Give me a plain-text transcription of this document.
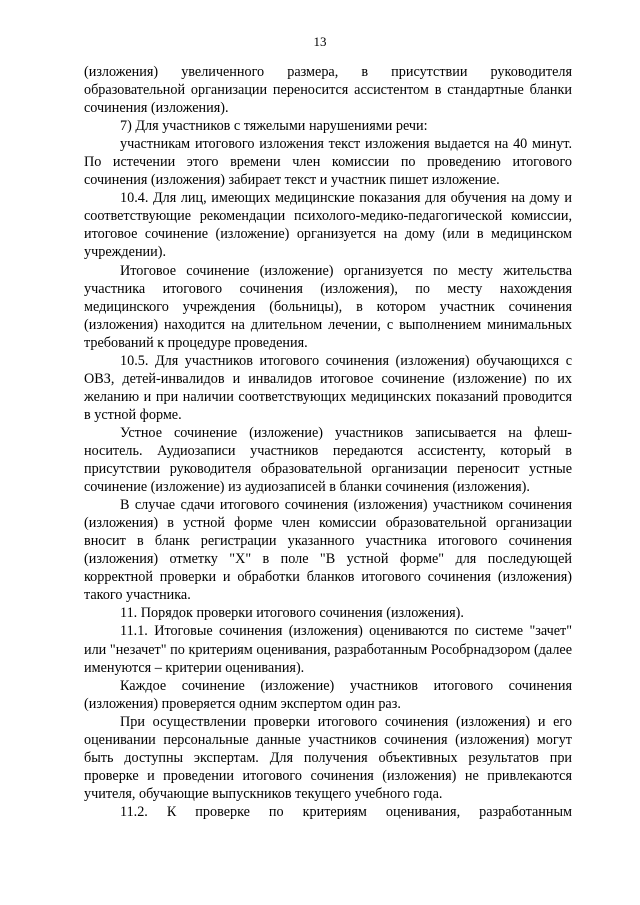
13

(изложения) увеличенного размера, в присутствии руководителя образовательной организации переносится ассистентом в стандартные бланки сочинения (изложения).

7) Для участников с тяжелыми нарушениями речи:

участникам итогового изложения текст изложения выдается на 40 минут. По истечении этого времени член комиссии по проведению итогового сочинения (изложения) забирает текст и участник пишет изложение.

10.4. Для лиц, имеющих медицинские показания для обучения на дому и соответствующие рекомендации психолого-медико-педагогической комиссии, итоговое сочинение (изложение) организуется на дому (или в медицинском учреждении).

Итоговое сочинение (изложение) организуется по месту жительства участника итогового сочинения (изложения), по месту нахождения медицинского учреждения (больницы), в котором участник сочинения (изложения) находится на длительном лечении, с выполнением минимальных требований к процедуре проведения.

10.5. Для участников итогового сочинения (изложения) обучающихся с ОВЗ, детей-инвалидов и инвалидов итоговое сочинение (изложение) по их желанию и при наличии соответствующих медицинских показаний проводится в устной форме.

Устное сочинение (изложение) участников записывается на флеш-носитель. Аудиозаписи участников передаются ассистенту, который в присутствии руководителя образовательной организации переносит устные сочинение (изложение) из аудиозаписей в бланки сочинения (изложения).

В случае сдачи итогового сочинения (изложения) участником сочинения (изложения) в устной форме член комиссии образовательной организации вносит в бланк регистрации указанного участника итогового сочинения (изложения) отметку "Х" в поле "В устной форме" для последующей корректной проверки и обработки бланков итогового сочинения (изложения) такого участника.

11. Порядок проверки итогового сочинения (изложения).

11.1. Итоговые сочинения (изложения) оцениваются по системе "зачет" или "незачет" по критериям оценивания, разработанным Рособрнадзором (далее именуются – критерии оценивания).

Каждое сочинение (изложение) участников итогового сочинения (изложения) проверяется одним экспертом один раз.

При осуществлении проверки итогового сочинения (изложения) и его оценивании персональные данные участников сочинения (изложения) могут быть доступны экспертам. Для получения объективных результатов при проверке и проведении итогового сочинения (изложения) не привлекаются учителя, обучающие выпускников текущего учебного года.

11.2. К проверке по критериям оценивания, разработанным
